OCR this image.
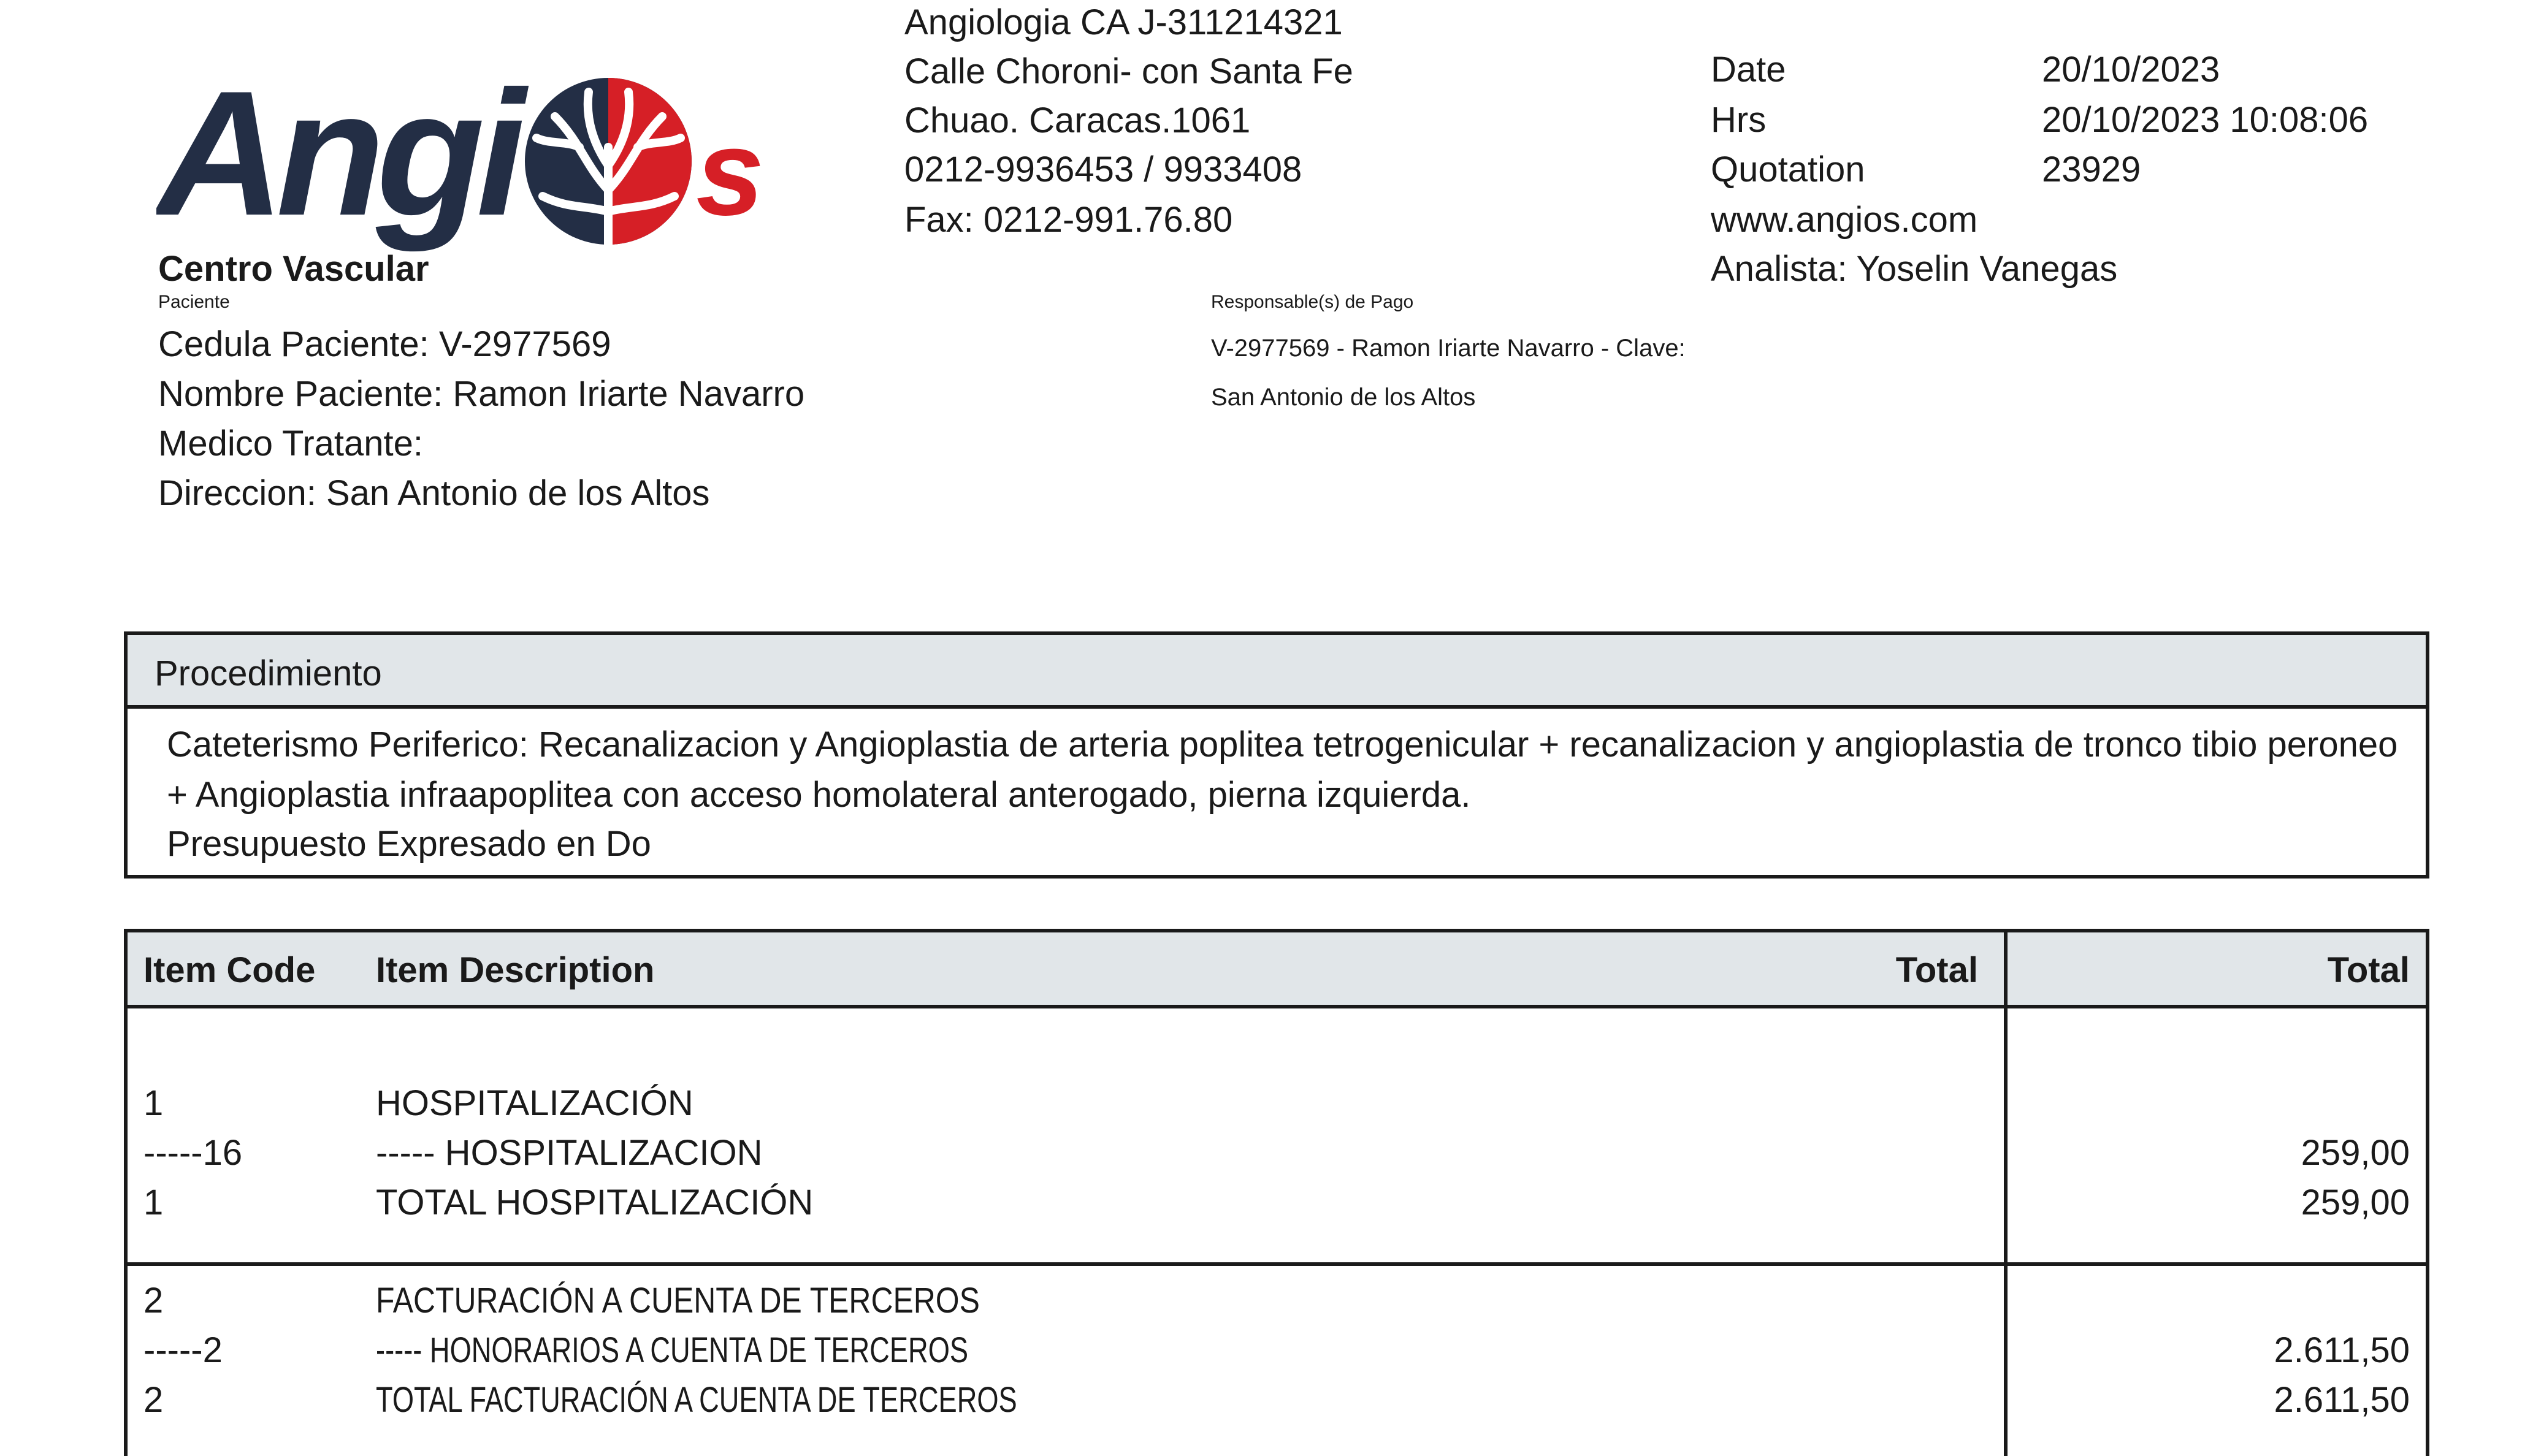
Angi s
Centro Vascular
Angiologia CA J-311214321
Calle Choroni- con Santa Fe
Chuao. Caracas.1061
0212-9936453 / 9933408
Fax: 0212-991.76.80
Date	20/10/2023
Hrs	20/10/2023 10:08:06
Quotation	23929
www.angios.com
Analista: Yoselin Vanegas
Paciente
Cedula Paciente: V-2977569
Nombre Paciente: Ramon Iriarte Navarro
Medico Tratante:
Direccion: San Antonio de los Altos
Responsable(s) de Pago
V-2977569 - Ramon Iriarte Navarro - Clave:
San Antonio de los Altos
Procedimiento
Cateterismo Periferico: Recanalizacion y Angioplastia de arteria poplitea tetrogenicular + recanalizacion y angioplastia de tronco tibio peroneo
+ Angioplastia infraapoplitea con acceso homolateral anterogado, pierna izquierda.
Presupuesto Expresado en Do
Item Code Item Description	Total	Total
1	HOSPITALIZACIÓN
-----16	----- HOSPITALIZACION	259,00
1	TOTAL HOSPITALIZACIÓN	259,00
2	FACTURACIÓN A CUENTA DE TERCEROS
-----2	----- HONORARIOS A CUENTA DE TERCEROS	2.611,50
2	TOTAL FACTURACIÓN A CUENTA DE TERCEROS	2.611,50
